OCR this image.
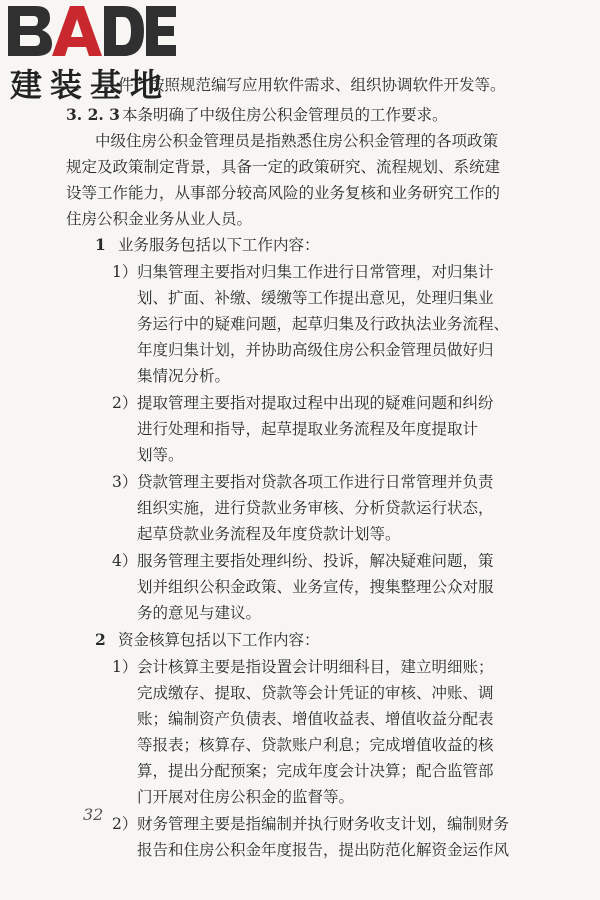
建装基地
件，按照规范编写应用软件需求、组织协调软件开发等。
3. 2. 3 本条明确了中级住房公积金管理员的工作要求。
中级住房公积金管理员是指熟悉住房公积金管理的各项政策
规定及政策制定背景，具备一定的政策研究、流程规划、系统建
设等工作能力，从事部分较高风险的业务复核和业务研究工作的
住房公积金业务从业人员。
1 业务服务包括以下工作内容：
1） 归集管理主要指对归集工作进行日常管理，对归集计
划、扩面、补缴、缓缴等工作提出意见，处理归集业
务运行中的疑难问题，起草归集及行政执法业务流程、
年度归集计划，并协助高级住房公积金管理员做好归
集情况分析。
2） 提取管理主要指对提取过程中出现的疑难问题和纠纷
进行处理和指导，起草提取业务流程及年度提取计
划等。
3） 贷款管理主要指对贷款各项工作进行日常管理并负责
组织实施，进行贷款业务审核、分析贷款运行状态，
起草贷款业务流程及年度贷款计划等。
4） 服务管理主要指处理纠纷、投诉，解决疑难问题，策
划并组织公积金政策、业务宣传，搜集整理公众对服
务的意见与建议。
2 资金核算包括以下工作内容：
1） 会计核算主要是指设置会计明细科目，建立明细账；
完成缴存、提取、贷款等会计凭证的审核、冲账、调
账；编制资产负债表、增值收益表、增值收益分配表
等报表；核算存、贷款账户利息；完成增值收益的核
算，提出分配预案；完成年度会计决算；配合监管部
门开展对住房公积金的监督等。
2） 财务管理主要是指编制并执行财务收支计划，编制财务
报告和住房公积金年度报告，提出防范化解资金运作风
32
